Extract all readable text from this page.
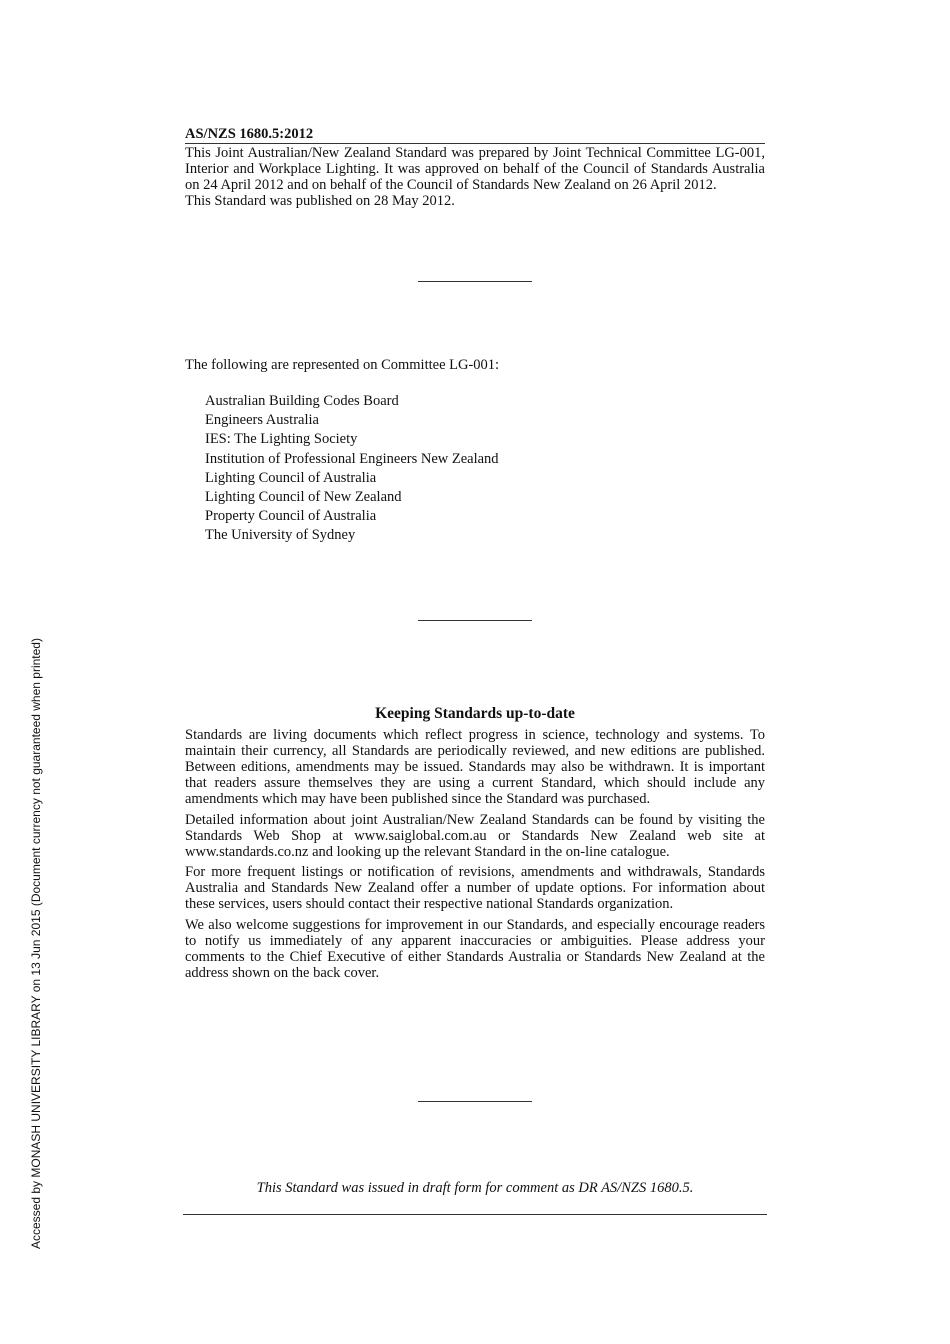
AS/NZS 1680.5:2012

This Joint Australian/New Zealand Standard was prepared by Joint Technical Committee LG-001, Interior and Workplace Lighting. It was approved on behalf of the Council of Standards Australia on 24 April 2012 and on behalf of the Council of Standards New Zealand on 26 April 2012.

This Standard was published on 28 May 2012.

The following are represented on Committee LG-001:
Australian Building Codes Board
Engineers Australia
IES: The Lighting Society
Institution of Professional Engineers New Zealand
Lighting Council of Australia
Lighting Council of New Zealand
Property Council of Australia
The University of Sydney
Keeping Standards up-to-date

Standards are living documents which reflect progress in science, technology and systems. To maintain their currency, all Standards are periodically reviewed, and new editions are published. Between editions, amendments may be issued. Standards may also be withdrawn. It is important that readers assure themselves they are using a current Standard, which should include any amendments which may have been published since the Standard was purchased.

Detailed information about joint Australian/New Zealand Standards can be found by visiting the Standards Web Shop at www.saiglobal.com.au or Standards New Zealand web site at www.standards.co.nz and looking up the relevant Standard in the on-line catalogue.

For more frequent listings or notification of revisions, amendments and withdrawals, Standards Australia and Standards New Zealand offer a number of update options. For information about these services, users should contact their respective national Standards organization.

We also welcome suggestions for improvement in our Standards, and especially encourage readers to notify us immediately of any apparent inaccuracies or ambiguities. Please address your comments to the Chief Executive of either Standards Australia or Standards New Zealand at the address shown on the back cover.

This Standard was issued in draft form for comment as DR AS/NZS 1680.5.
Accessed by MONASH UNIVERSITY LIBRARY on 13 Jun 2015 (Document currency not guaranteed when printed)
